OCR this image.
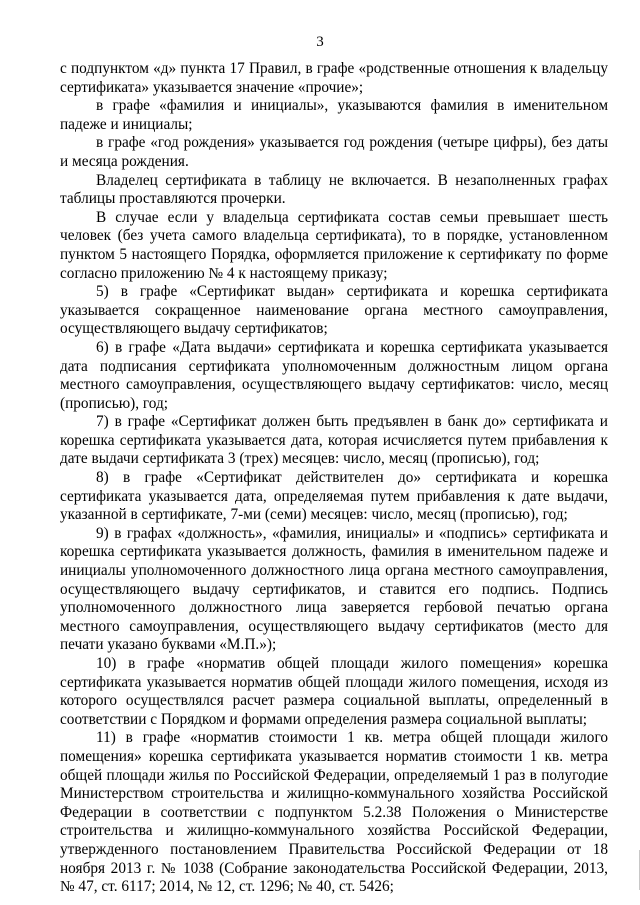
3

с подпунктом «д» пункта 17 Правил, в графе «родственные отношения к владельцу сертификата» указывается значение «прочие»;

в графе «фамилия и инициалы», указываются фамилия в именительном падеже и инициалы;

в графе «год рождения» указывается год рождения (четыре цифры), без даты и месяца рождения.

Владелец сертификата в таблицу не включается. В незаполненных графах таблицы проставляются прочерки.

В случае если у владельца сертификата состав семьи превышает шесть человек (без учета самого владельца сертификата), то в порядке, установленном пунктом 5 настоящего Порядка, оформляется приложение к сертификату по форме согласно приложению № 4 к настоящему приказу;

5) в графе «Сертификат выдан» сертификата и корешка сертификата указывается сокращенное наименование органа местного самоуправления, осуществляющего выдачу сертификатов;

6) в графе «Дата выдачи» сертификата и корешка сертификата указывается дата подписания сертификата уполномоченным должностным лицом органа местного самоуправления, осуществляющего выдачу сертификатов: число, месяц (прописью), год;

7) в графе «Сертификат должен быть предъявлен в банк до» сертификата и корешка сертификата указывается дата, которая исчисляется путем прибавления к дате выдачи сертификата 3 (трех) месяцев: число, месяц (прописью), год;

8) в графе «Сертификат действителен до» сертификата и корешка сертификата указывается дата, определяемая путем прибавления к дате выдачи, указанной в сертификате, 7-ми (семи) месяцев: число, месяц (прописью), год;

9) в графах «должность», «фамилия, инициалы» и «подпись» сертификата и корешка сертификата указывается должность, фамилия в именительном падеже и инициалы уполномоченного должностного лица органа местного самоуправления, осуществляющего выдачу сертификатов, и ставится его подпись. Подпись уполномоченного должностного лица заверяется гербовой печатью органа местного самоуправления, осуществляющего выдачу сертификатов (место для печати указано буквами «М.П.»);

10) в графе «норматив общей площади жилого помещения» корешка сертификата указывается норматив общей площади жилого помещения, исходя из которого осуществлялся расчет размера социальной выплаты, определенный в соответствии с Порядком и формами определения размера социальной выплаты;

11) в графе «норматив стоимости 1 кв. метра общей площади жилого помещения» корешка сертификата указывается норматив стоимости 1 кв. метра общей площади жилья по Российской Федерации, определяемый 1 раз в полугодие Министерством строительства и жилищно-коммунального хозяйства Российской Федерации в соответствии с подпунктом 5.2.38 Положения о Министерстве строительства и жилищно-коммунального хозяйства Российской Федерации, утвержденного постановлением Правительства Российской Федерации от 18 ноября 2013 г. № 1038 (Собрание законодательства Российской Федерации, 2013, № 47, ст. 6117; 2014, № 12, ст. 1296; № 40, ст. 5426;
